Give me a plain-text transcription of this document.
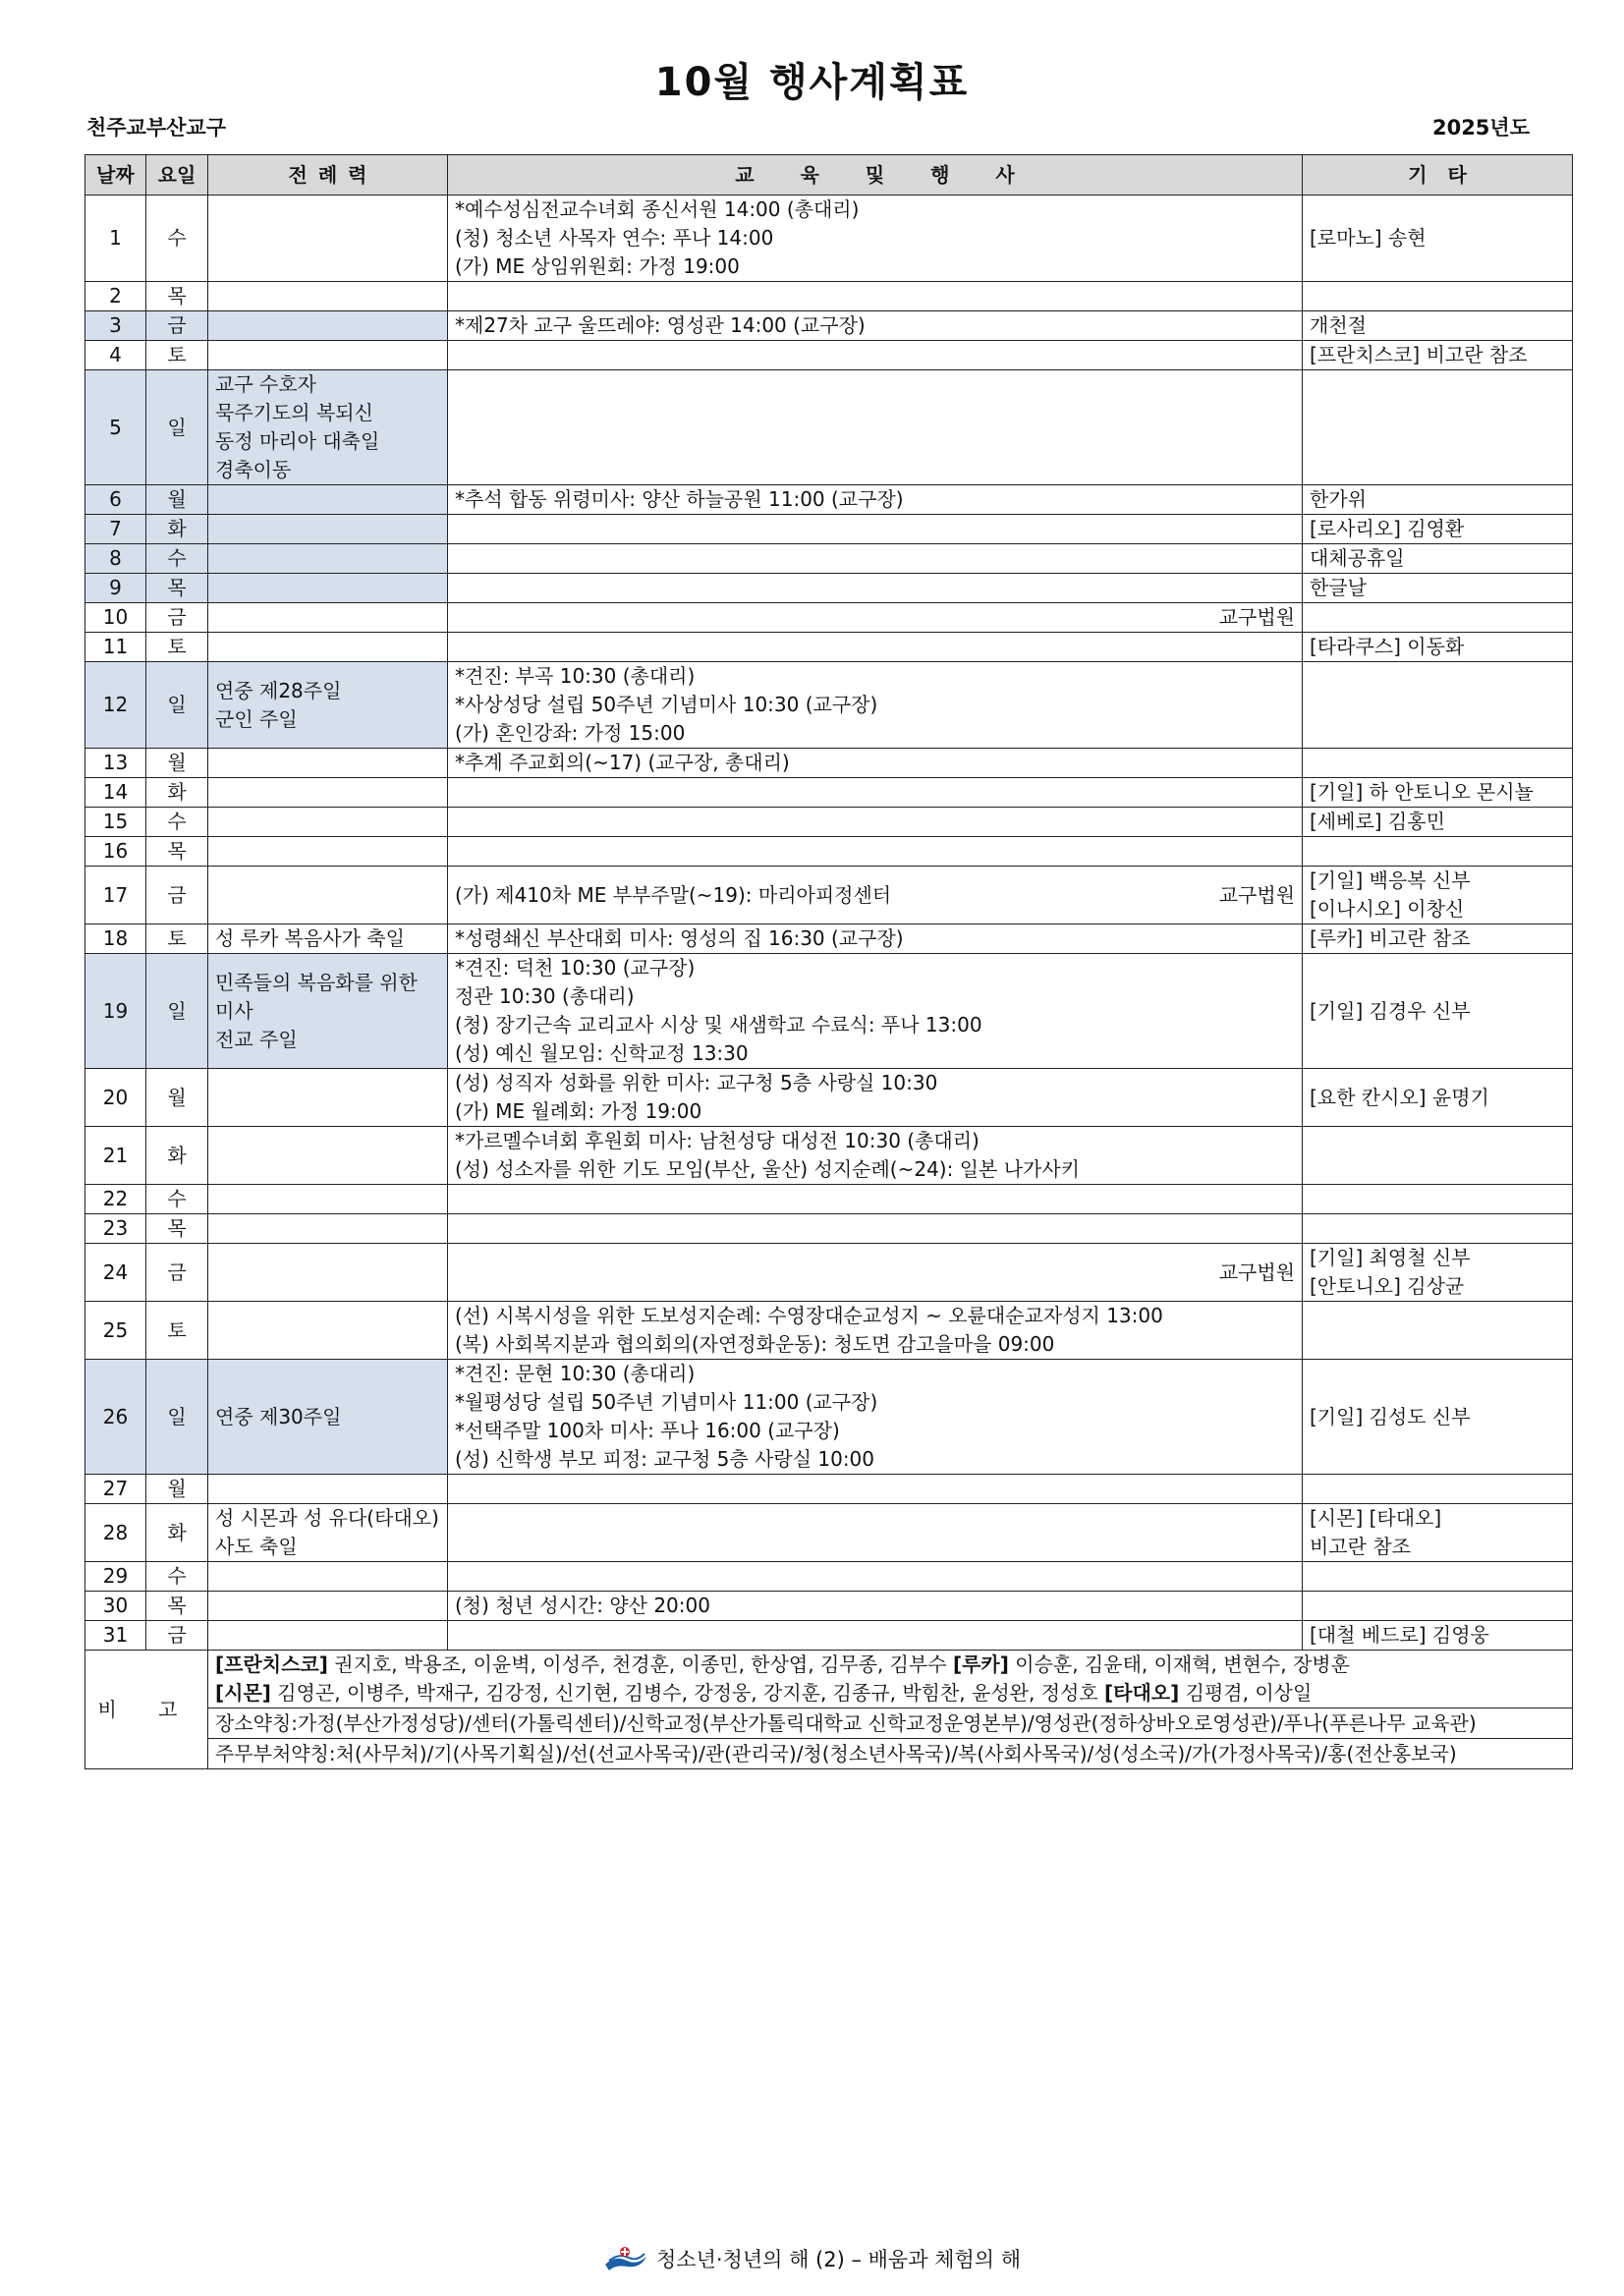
10월 행사계획표
천주교부산교구	2025년도
날짜	요일	전 례 력	교 육 및 행 사	기 타
1	수		*예수성심전교수녀회 종신서원 14:00 (총대리)
(청) 청소년 사목자 연수: 푸나 14:00
(가) ME 상임위원회: 가정 19:00	[로마노] 송현
2	목			
3	금		*제27차 교구 울뜨레야: 영성관 14:00 (교구장)	개천절
4	토			[프란치스코] 비고란 참조
5	일	교구 수호자
묵주기도의 복되신
동정 마리아 대축일
경축이동		
6	월		*추석 합동 위령미사: 양산 하늘공원 11:00 (교구장)	한가위
7	화			[로사리오] 김영환
8	수			대체공휴일
9	목			한글날
10	금		교구법원	

11	토			[타라쿠스] 이동화
12	일	연중 제28주일
군인 주일	*견진: 부곡 10:30 (총대리)
*사상성당 설립 50주년 기념미사 10:30 (교구장)
(가) 혼인강좌: 가정 15:00	
13	월		*추계 주교회의(~17) (교구장, 총대리)	
14	화			[기일] 하 안토니오 몬시뇰
15	수			[세베로] 김홍민
16	목			
17	금		(가) 제410차 ME 부부주말(~19): 마리아피정센터 교구법원	[기일] 백응복 신부
[이나시오] 이창신
18	토	성 루카 복음사가 축일	*성령쇄신 부산대회 미사: 영성의 집 16:30 (교구장)	[루카] 비고란 참조
19	일	민족들의 복음화를 위한
미사
전교 주일	*견진: 덕천 10:30 (교구장)
정관 10:30 (총대리)
(청) 장기근속 교리교사 시상 및 새샘학교 수료식: 푸나 13:00
(성) 예신 월모임: 신학교정 13:30	[기일] 김경우 신부
20	월		(성) 성직자 성화를 위한 미사: 교구청 5층 사랑실 10:30
(가) ME 월례회: 가정 19:00	[요한 칸시오] 윤명기
21	화		*가르멜수녀회 후원회 미사: 남천성당 대성전 10:30 (총대리)
(성) 성소자를 위한 기도 모임(부산, 울산) 성지순례(~24): 일본 나가사키	
22	수			
23	목			
24	금		교구법원	[기일] 최영철 신부
[안토니오] 김상균
25	토		(선) 시복시성을 위한 도보성지순례: 수영장대순교성지 ~ 오륜대순교자성지 13:00
(복) 사회복지분과 협의회의(자연정화운동): 청도면 감고을마을 09:00	
26	일	연중 제30주일	*견진: 문현 10:30 (총대리)
*월평성당 설립 50주년 기념미사 11:00 (교구장)
*선택주말 100차 미사: 푸나 16:00 (교구장)
(성) 신학생 부모 피정: 교구청 5층 사랑실 10:00	[기일] 김성도 신부
27	월			
28	화	성 시몬과 성 유다(타대오)
사도 축일		[시몬] [타대오]
비고란 참조
29	수			
30	목		(청) 청년 성시간: 양산 20:00	
31	금			[대철 베드로] 김영웅
비 고		[프란치스코] 권지호, 박용조, 이윤벽, 이성주, 천경훈, 이종민, 한상엽, 김무종, 김부수 [루카] 이승훈, 김윤태, 이재혁, 변현수, 장병훈
[시몬] 김영곤, 이병주, 박재구, 김강정, 신기현, 김병수, 강정웅, 강지훈, 김종규, 박힘찬, 윤성완, 정성호 [타대오] 김평겸, 이상일		
		장소약칭:가정(부산가정성당)/센터(가톨릭센터)/신학교정(부산가톨릭대학교 신학교정운영본부)/영성관(정하상바오로영성관)/푸나(푸른나무 교육관)		
		주무부처약칭:처(사무처)/기(사목기획실)/선(선교사목국)/관(관리국)/청(청소년사목국)/복(사회사목국)/성(성소국)/가(가정사목국)/홍(전산홍보국)		
청소년·청년의 해 (2) – 배움과 체험의 해
